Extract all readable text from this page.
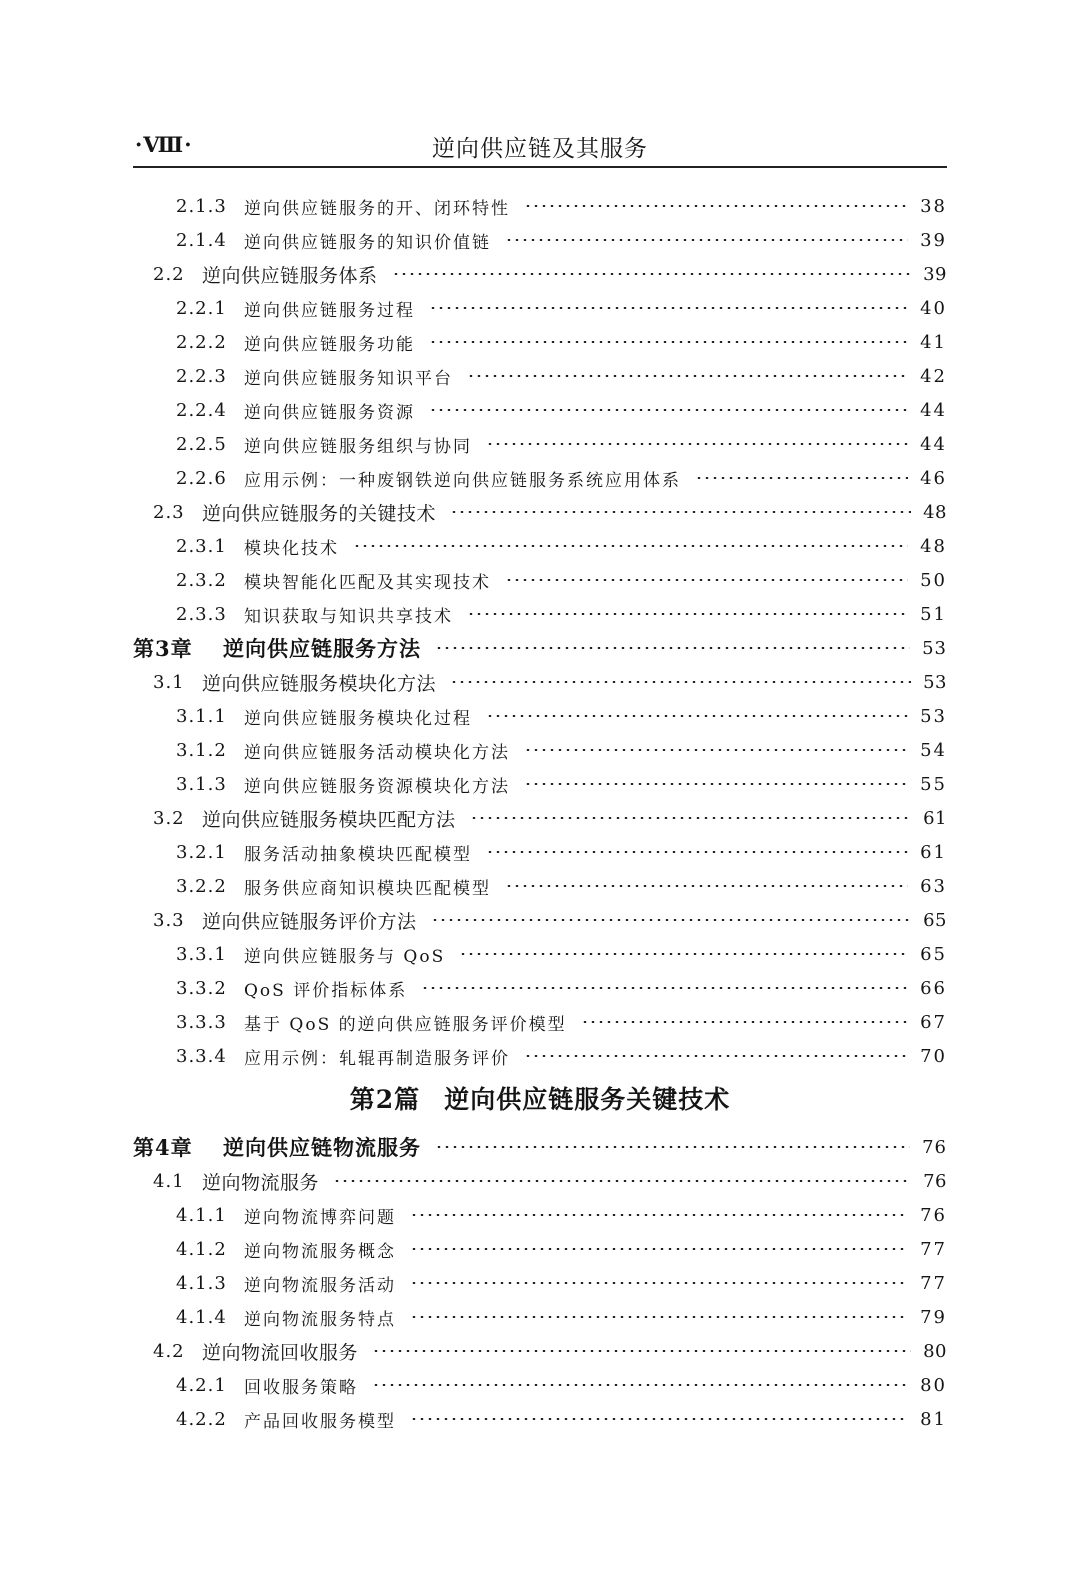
·Ⅷ·	逆向供应链及其服务
2.1.3	逆向供应链服务的开、闭环特性	38
2.1.4	逆向供应链服务的知识价值链	39
2.2 逆向供应链服务体系	39
2.2.1	逆向供应链服务过程	40
2.2.2	逆向供应链服务功能	41
2.2.3	逆向供应链服务知识平台	42
2.2.4	逆向供应链服务资源	44
2.2.5	逆向供应链服务组织与协同	44
2.2.6	应用示例：一种废钢铁逆向供应链服务系统应用体系	46
2.3 逆向供应链服务的关键技术	48
2.3.1	模块化技术	48
2.3.2	模块智能化匹配及其实现技术	50
2.3.3	知识获取与知识共享技术	51
第3章	逆向供应链服务方法	53
3.1 逆向供应链服务模块化方法	53
3.1.1	逆向供应链服务模块化过程	53
3.1.2	逆向供应链服务活动模块化方法	54
3.1.3	逆向供应链服务资源模块化方法	55
3.2 逆向供应链服务模块匹配方法	61
3.2.1	服务活动抽象模块匹配模型	61
3.2.2	服务供应商知识模块匹配模型	63
3.3 逆向供应链服务评价方法	65
3.3.1	逆向供应链服务与 QoS	65
3.3.2	QoS 评价指标体系	66
3.3.3	基于 QoS 的逆向供应链服务评价模型	67
3.3.4	应用示例：轧辊再制造服务评价	70
第2篇 逆向供应链服务关键技术
第4章	逆向供应链物流服务	76
4.1 逆向物流服务	76
4.1.1	逆向物流博弈问题	76
4.1.2	逆向物流服务概念	77
4.1.3	逆向物流服务活动	77
4.1.4	逆向物流服务特点	79
4.2 逆向物流回收服务	80
4.2.1	回收服务策略	80
4.2.2	产品回收服务模型	81
